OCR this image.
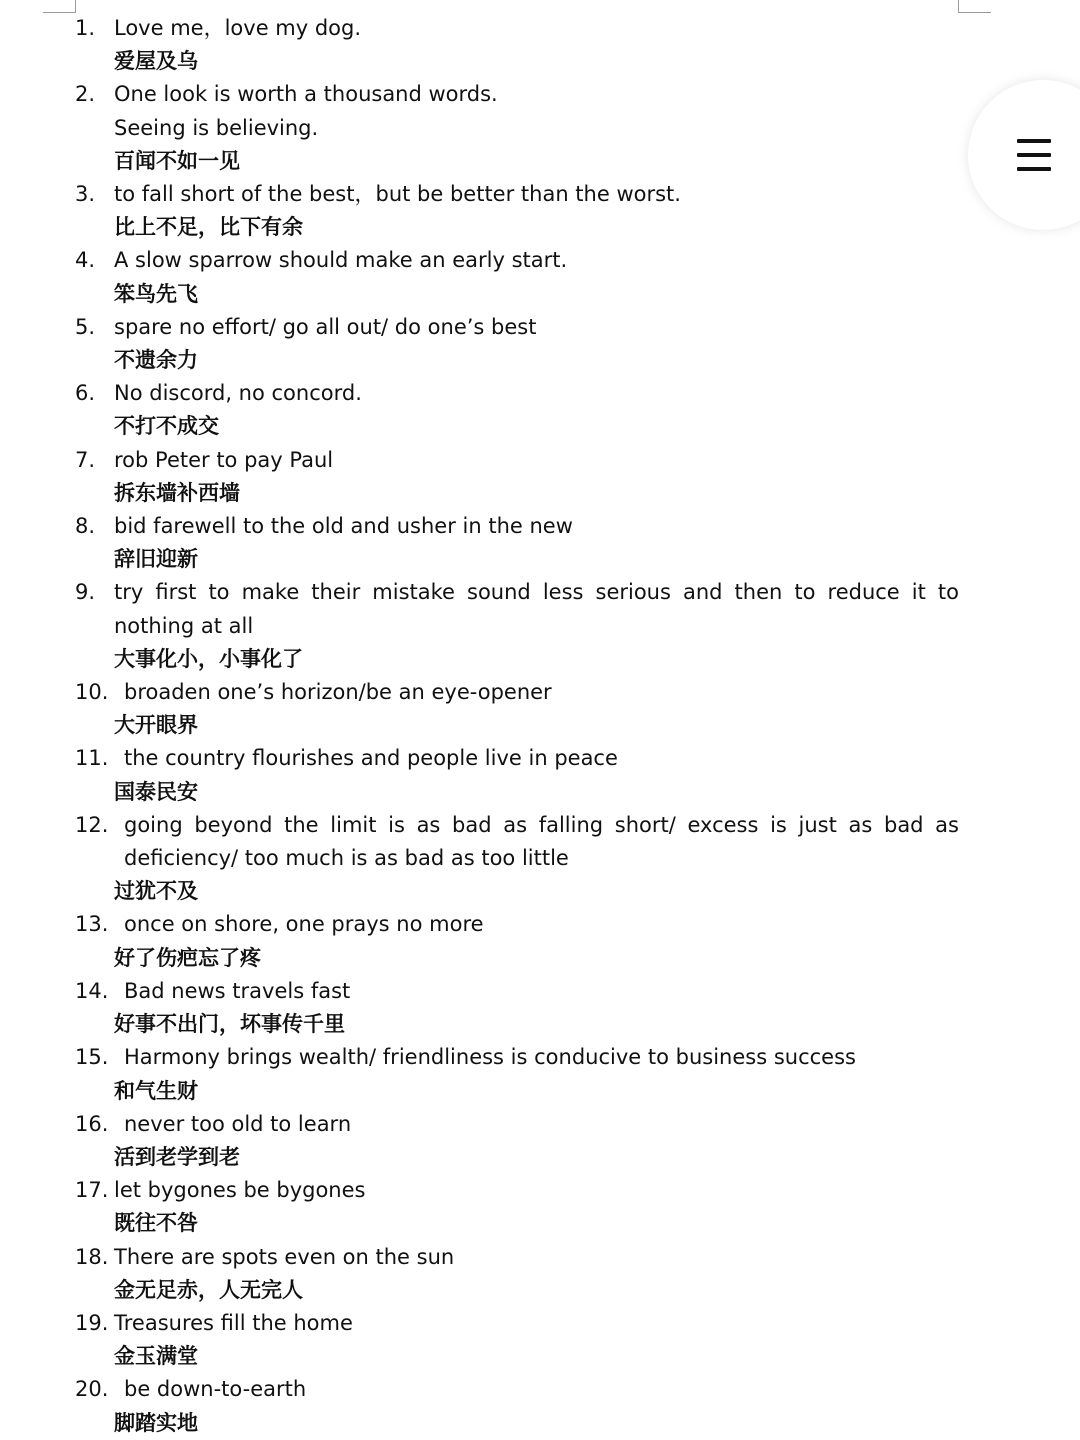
1. Love me，love my dog.
爱屋及乌
2. One look is worth a thousand words.
Seeing is believing.
百闻不如一见
3. to fall short of the best，but be better than the worst.
比上不足，比下有余
4. A slow sparrow should make an early start.
笨鸟先飞
5. spare no effort/ go all out/ do one’s best
不遗余力
6. No discord, no concord.
不打不成交
7. rob Peter to pay Paul
拆东墙补西墙
8. bid farewell to the old and usher in the new
辞旧迎新
9. try first to make their mistake sound less serious and then to reduce it to nothing at all
大事化小，小事化了
10. broaden one’s horizon/be an eye-opener
大开眼界
11. the country flourishes and people live in peace
国泰民安
12. going beyond the limit is as bad as falling short/ excess is just as bad as deficiency/ too much is as bad as too little
过犹不及
13. once on shore, one prays no more
好了伤疤忘了疼
14. Bad news travels fast
好事不出门，坏事传千里
15. Harmony brings wealth/ friendliness is conducive to business success
和气生财
16. never too old to learn
活到老学到老
17. let bygones be bygones
既往不咎
18. There are spots even on the sun
金无足赤，人无完人
19. Treasures fill the home
金玉满堂
20. be down-to-earth
脚踏实地
